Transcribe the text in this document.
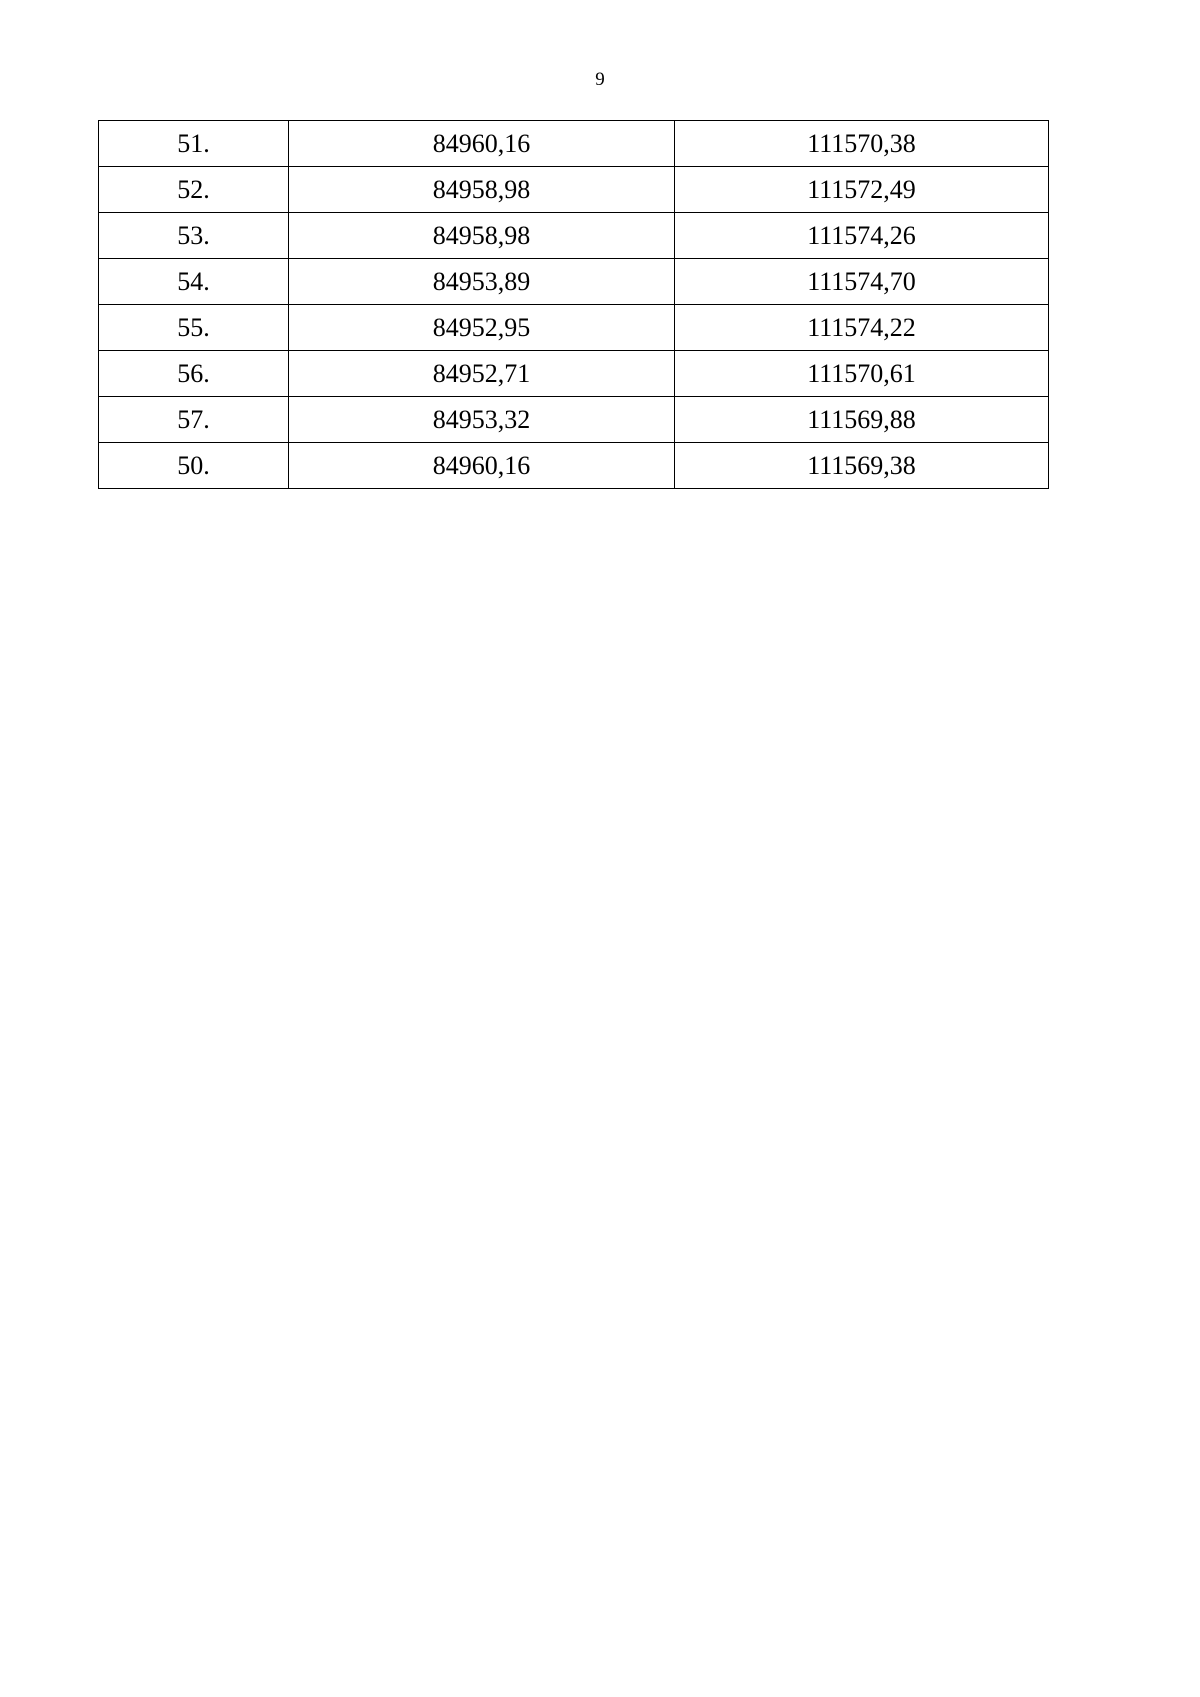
9
51.	84960,16	111570,38
52.	84958,98	111572,49
53.	84958,98	111574,26
54.	84953,89	111574,70
55.	84952,95	111574,22
56.	84952,71	111570,61
57.	84953,32	111569,88
50.	84960,16	111569,38
